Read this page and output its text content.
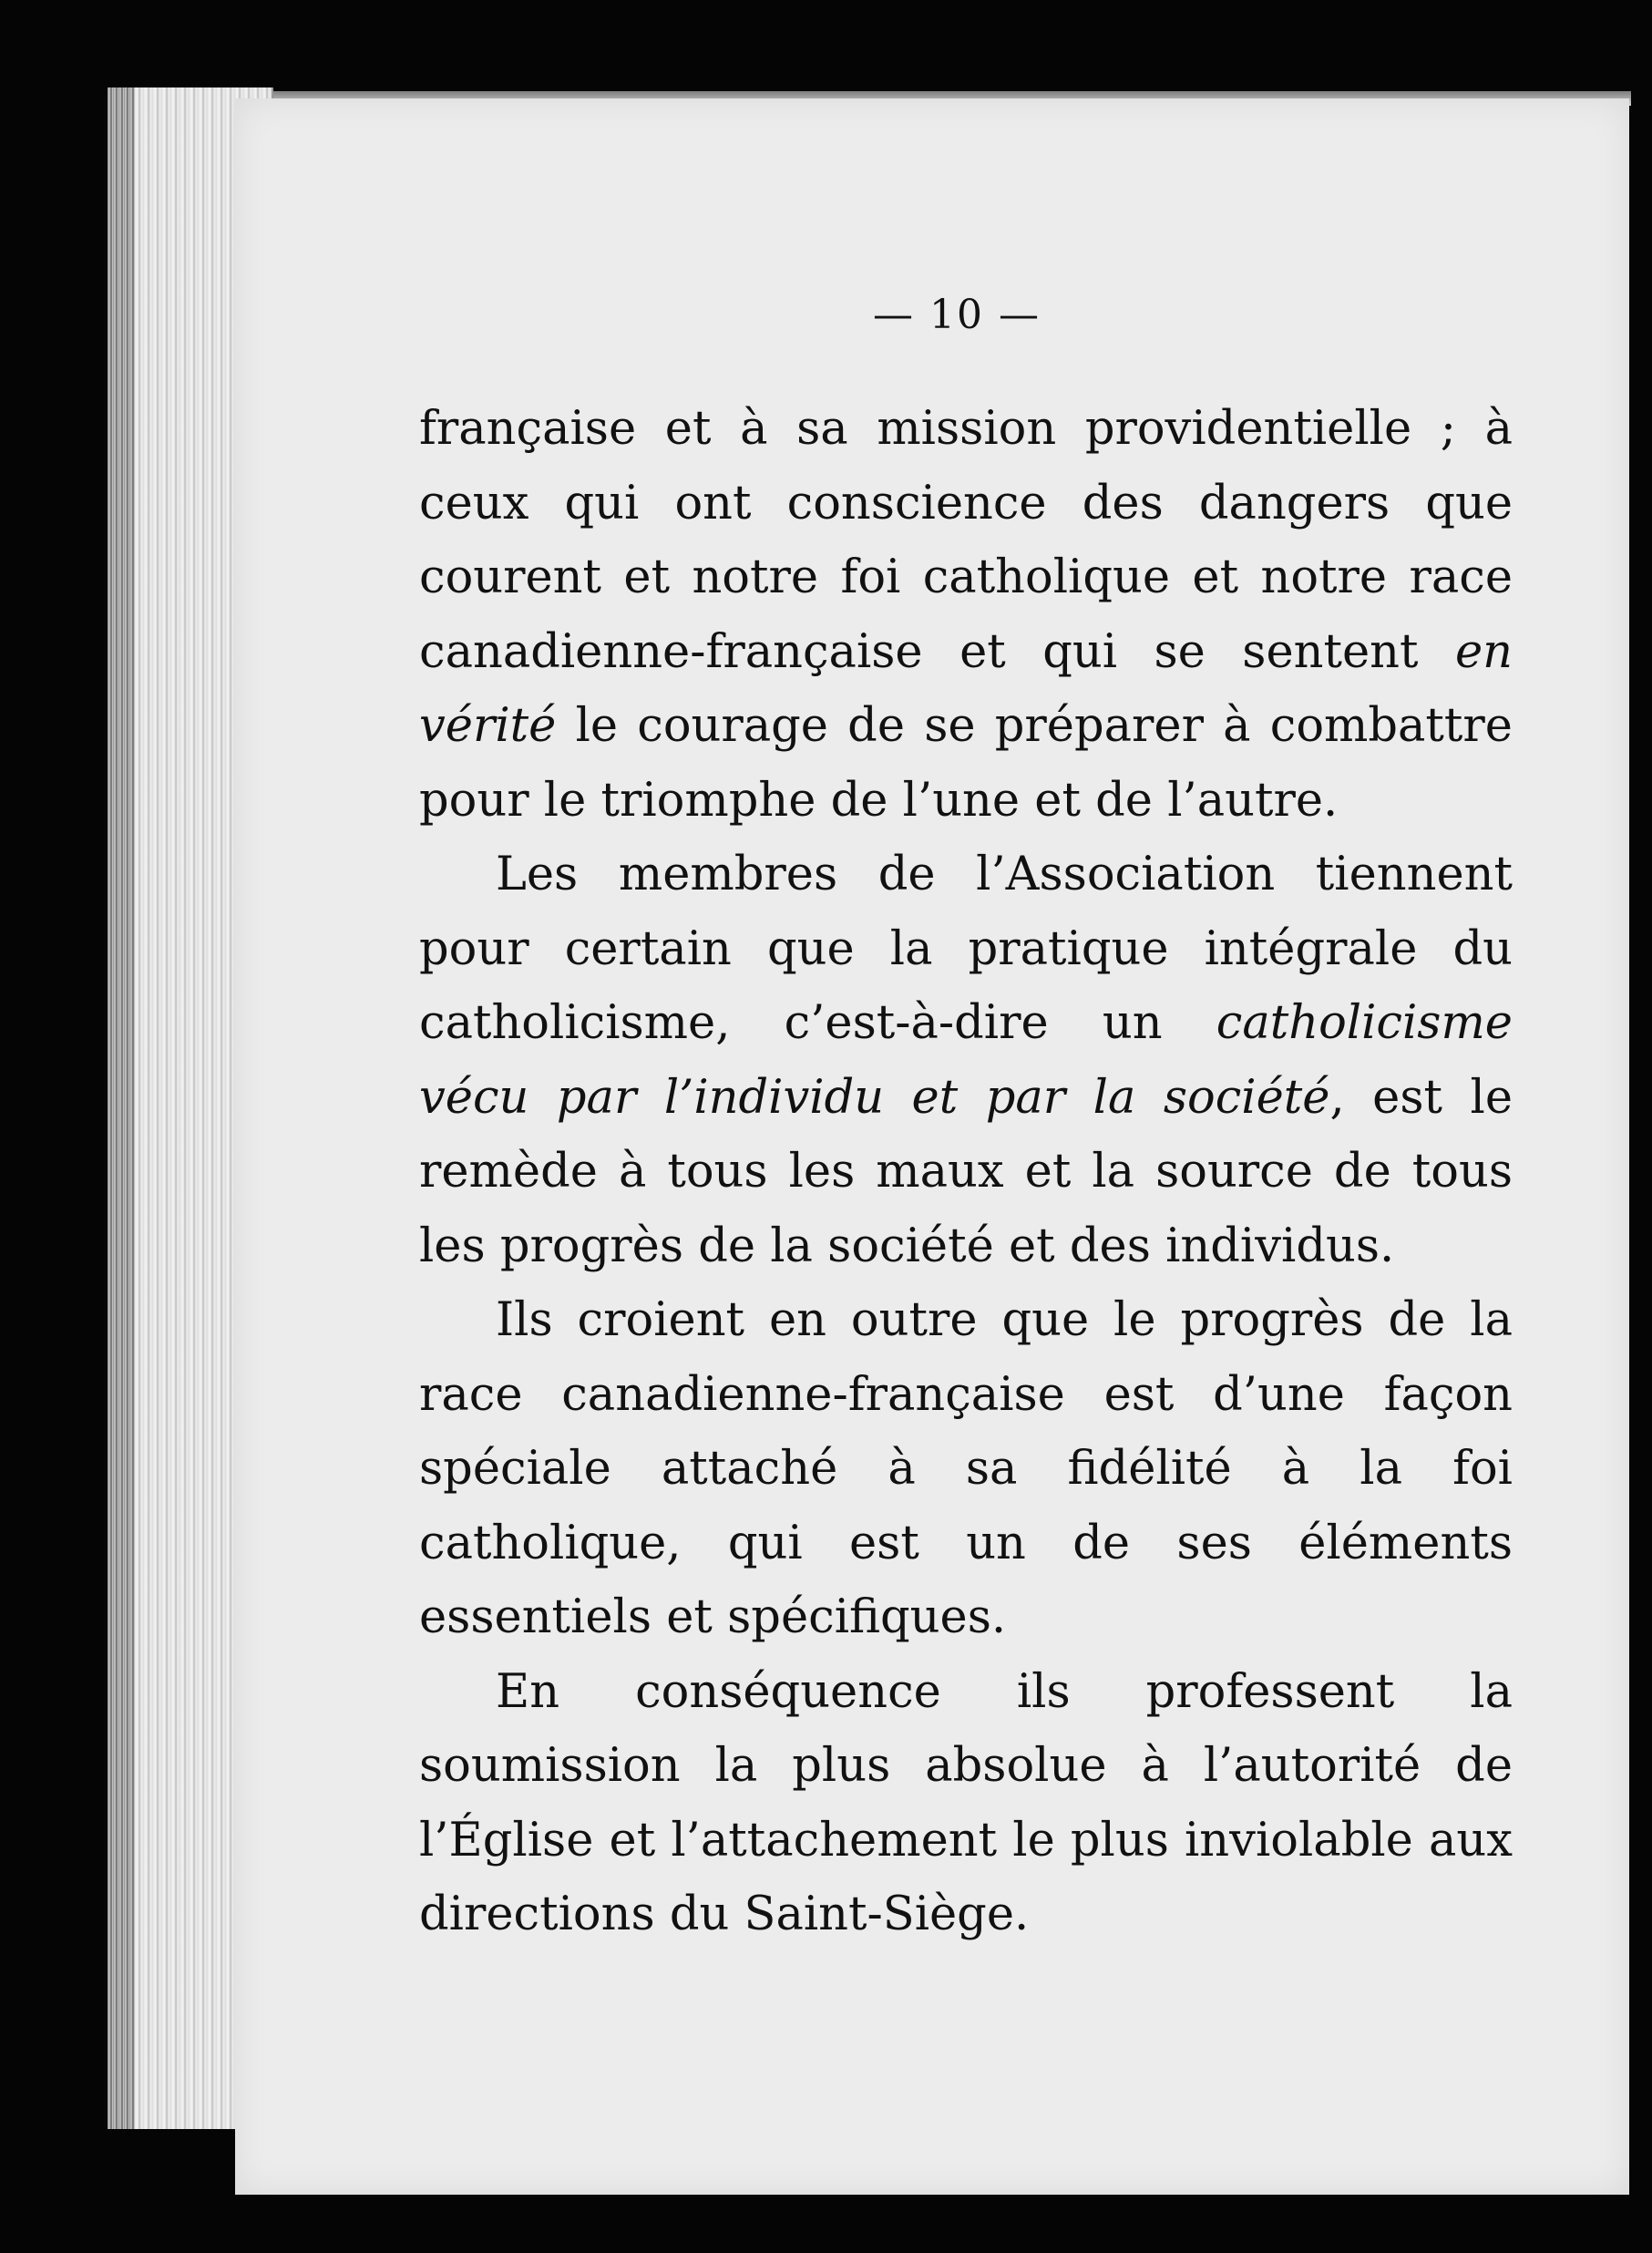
— 10 —

française et à sa mission providentielle ; à ceux qui ont conscience des dangers que courent et notre foi catholique et notre race canadienne-française et qui se sentent en vérité le courage de se préparer à combattre pour le triomphe de l’une et de l’autre.

Les membres de l’Association tiennent pour certain que la pratique intégrale du catholicisme, c’est-à-dire un catholicisme vécu par l’individu et par la société, est le remède à tous les maux et la source de tous les progrès de la société et des individus.

Ils croient en outre que le progrès de la race canadienne-française est d’une façon spéciale attaché à sa fidélité à la foi catholique, qui est un de ses éléments essentiels et spécifiques.

En conséquence ils professent la soumission la plus absolue à l’autorité de l’Église et l’attachement le plus inviolable aux directions du Saint-Siège.
